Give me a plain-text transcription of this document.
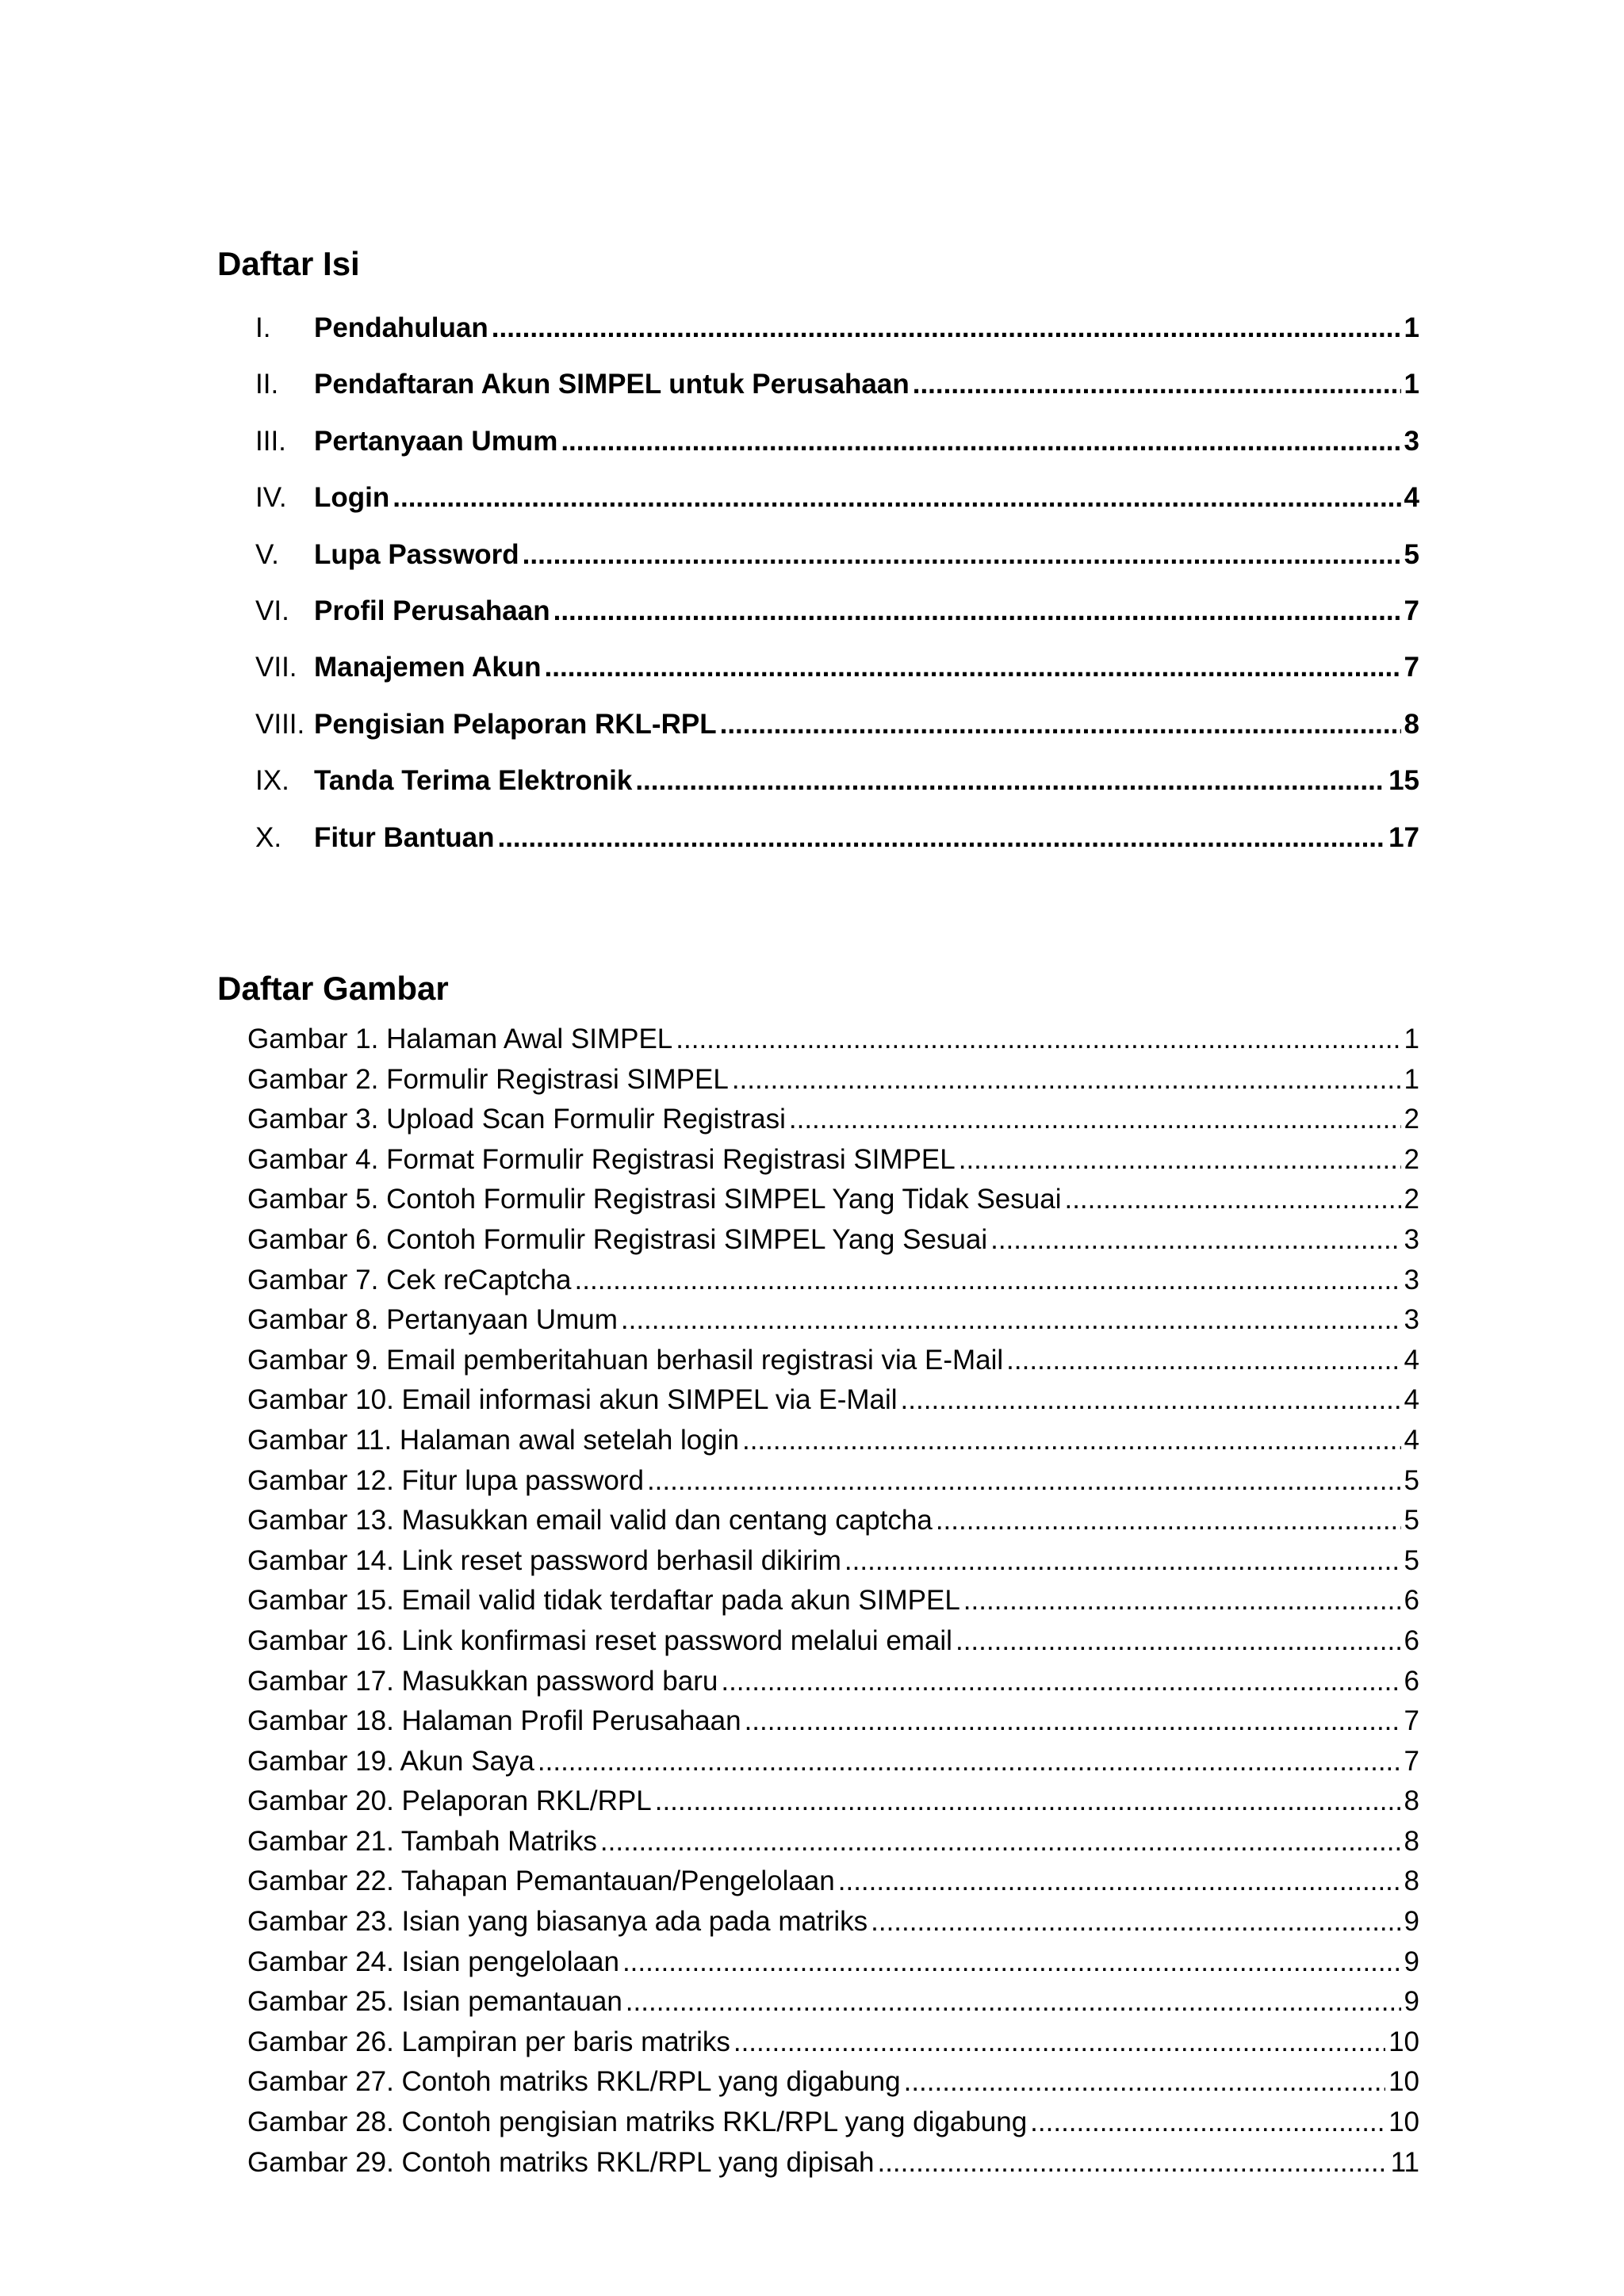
Daftar Isi
I.	Pendahuluan .....	1
II.	Pendaftaran Akun SIMPEL untuk Perusahaan .....	1
III.	Pertanyaan Umum .....	3
IV. Login .....	4
V.	Lupa Password .....	5
VI. Profil Perusahaan .....	7
VII. Manajemen Akun .....	7
VIII. Pengisian Pelaporan RKL-RPL .....	8
IX. Tanda Terima Elektronik .....	15
X.	Fitur Bantuan .....	17
Daftar Gambar
Gambar 1. Halaman Awal SIMPEL .....	1
Gambar 2. Formulir Registrasi SIMPEL .....	1
Gambar 3. Upload Scan Formulir Registrasi .....	2
Gambar 4. Format Formulir Registrasi Registrasi SIMPEL .....	2
Gambar 5. Contoh Formulir Registrasi SIMPEL Yang Tidak Sesuai .....	2
Gambar 6. Contoh Formulir Registrasi SIMPEL Yang Sesuai .....	3
Gambar 7. Cek reCaptcha .....	3
Gambar 8. Pertanyaan Umum .....	3
Gambar 9. Email pemberitahuan berhasil registrasi via E-Mail .....	4
Gambar 10. Email informasi akun SIMPEL via E-Mail .....	4
Gambar 11. Halaman awal setelah login .....	4
Gambar 12. Fitur lupa password .....	5
Gambar 13. Masukkan email valid dan centang captcha .....	5
Gambar 14. Link reset password berhasil dikirim .....	5
Gambar 15. Email valid tidak terdaftar pada akun SIMPEL .....	6
Gambar 16. Link konfirmasi reset password melalui email .....	6
Gambar 17. Masukkan password baru .....	6
Gambar 18. Halaman Profil Perusahaan .....	7
Gambar 19. Akun Saya .....	7
Gambar 20. Pelaporan RKL/RPL .....	8
Gambar 21. Tambah Matriks .....	8
Gambar 22. Tahapan Pemantauan/Pengelolaan .....	8
Gambar 23. Isian yang biasanya ada pada matriks .....	9
Gambar 24. Isian pengelolaan .....	9
Gambar 25. Isian pemantauan .....	9
Gambar 26. Lampiran per baris matriks .....	10
Gambar 27. Contoh matriks RKL/RPL yang digabung .....	10
Gambar 28. Contoh pengisian matriks RKL/RPL yang digabung .....	10
Gambar 29. Contoh matriks RKL/RPL yang dipisah .....	11
